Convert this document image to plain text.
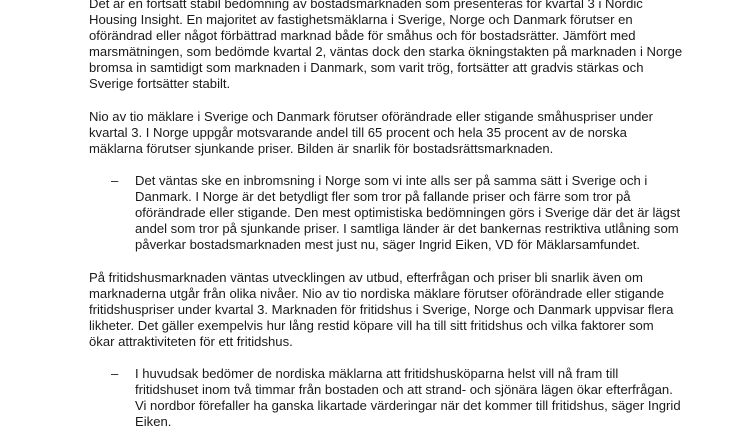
Det är en fortsatt stabil bedömning av bostadsmarknaden som presenteras för kvartal 3 i Nordic
Housing Insight. En majoritet av fastighetsmäklarna i Sverige, Norge och Danmark förutser en
oförändrad eller något förbättrad marknad både för småhus och för bostadsrätter. Jämfört med
marsmätningen, som bedömde kvartal 2, väntas dock den starka ökningstakten på marknaden i Norge
bromsa in samtidigt som marknaden i Danmark, som varit trög, fortsätter att gradvis stärkas och
Sverige fortsätter stabilt.
Nio av tio mäklare i Sverige och Danmark förutser oförändrade eller stigande småhuspriser under
kvartal 3. I Norge uppgår motsvarande andel till 65 procent och hela 35 procent av de norska
mäklarna förutser sjunkande priser. Bilden är snarlik för bostadsrättsmarknaden.
– Det väntas ske en inbromsning i Norge som vi inte alls ser på samma sätt i Sverige och i
Danmark. I Norge är det betydligt fler som tror på fallande priser och färre som tror på
oförändrade eller stigande. Den mest optimistiska bedömningen görs i Sverige där det är lägst
andel som tror på sjunkande priser. I samtliga länder är det bankernas restriktiva utlåning som
påverkar bostadsmarknaden mest just nu, säger Ingrid Eiken, VD för Mäklarsamfundet.
På fritidshusmarknaden väntas utvecklingen av utbud, efterfrågan och priser bli snarlik även om
marknaderna utgår från olika nivåer. Nio av tio nordiska mäklare förutser oförändrade eller stigande
fritidshuspriser under kvartal 3. Marknaden för fritidshus i Sverige, Norge och Danmark uppvisar flera
likheter. Det gäller exempelvis hur lång restid köpare vill ha till sitt fritidshus och vilka faktorer som
ökar attraktiviteten för ett fritidshus.
– I huvudsak bedömer de nordiska mäklarna att fritidshusköparna helst vill nå fram till
fritidshuset inom två timmar från bostaden och att strand- och sjönära lägen ökar efterfrågan.
Vi nordbor förefaller ha ganska likartade värderingar när det kommer till fritidshus, säger Ingrid
Eiken.
